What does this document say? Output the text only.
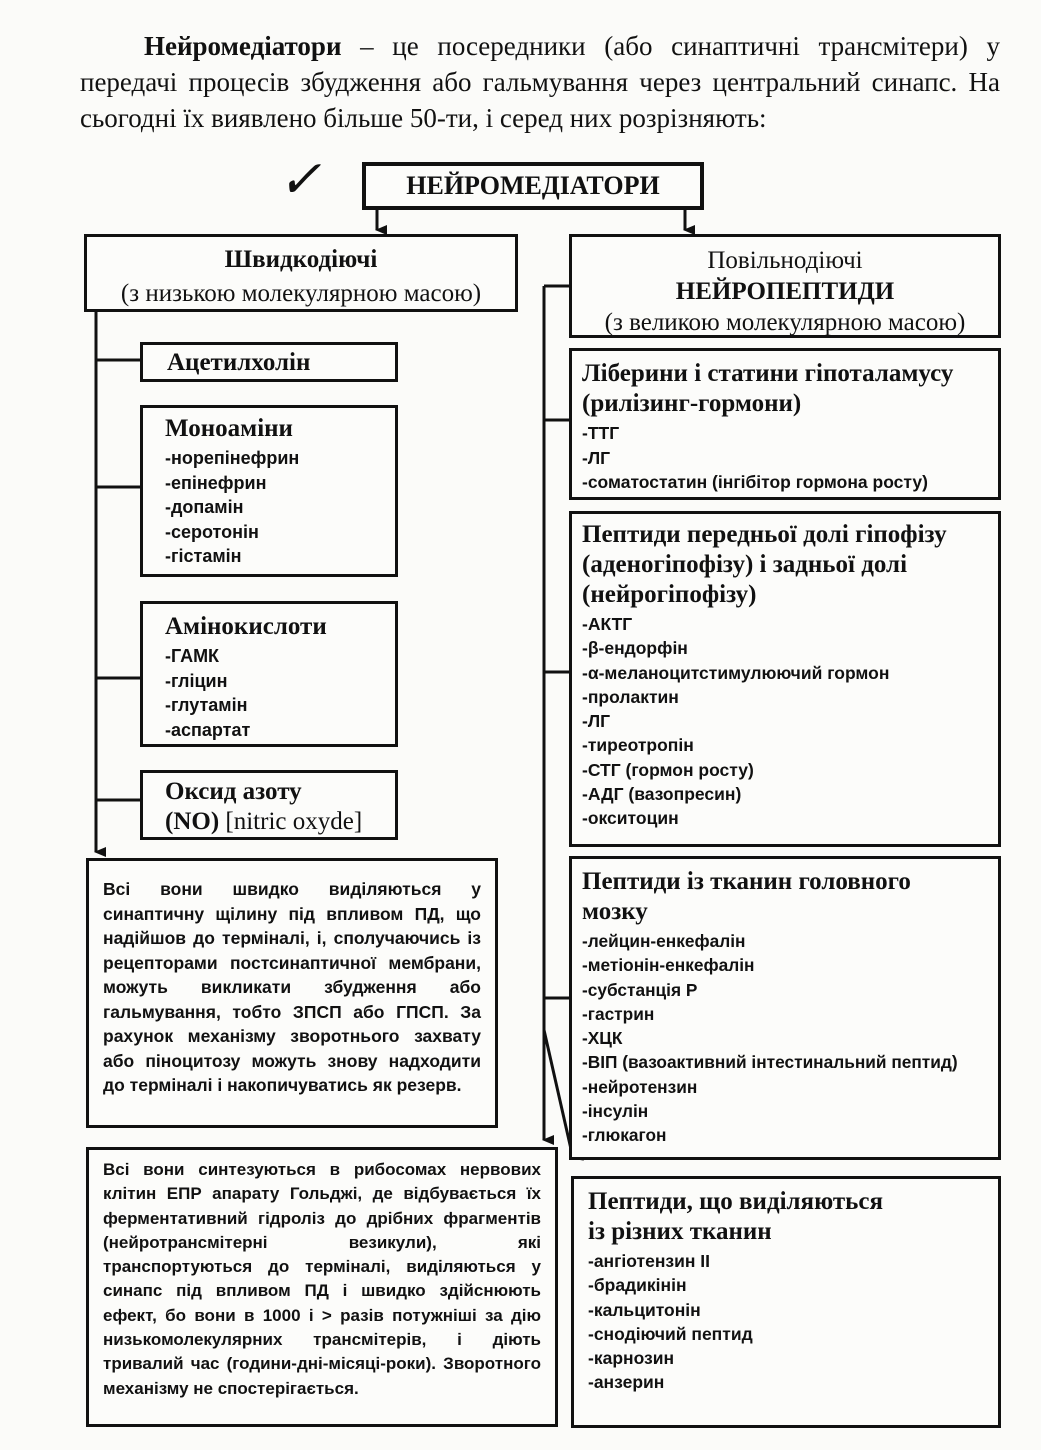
Нейромедіатори – це посередники (або синаптичні трансмітери) у передачі процесів збудження або гальмування через центральний синапс. На сьогодні їх виявлено більше 50-ти, і серед них розрізняють:

✓	НЕЙРОМЕДІАТОРИ
Швидкодіючі
(з низькою молекулярною масою)
Повільнодіючі
НЕЙРОПЕПТИДИ
(з великою молекулярною масою)
Ацетилхолін
Моноаміни
-норепінефрин
-епінефрин
-допамін
-серотонін
-гістамін
Амінокислоти
-ГАМК
-гліцин
-глутамін
-аспартат
Оксид азоту
(NO) [nitric oxyde]
Всі вони швидко виділяються у синаптичну щілину під впливом ПД, що надійшов до терміналі, і, сполучаючись із рецепторами постсинаптичної мембрани, можуть викликати збудження або гальмування, тобто ЗПСП або ГПСП. За рахунок механізму зворотнього захвату або піноцитозу можуть знову надходити до терміналі і накопичуватись як резерв.
Всі вони синтезуються в рибосомах нервових клітин ЕПР апарату Гольджі, де відбувається їх ферментативний гідроліз до дрібних фрагментів (нейротрансмітерні везикули), які транспортуються до терміналі, виділяються у синапс під впливом ПД і швидко здійснюють ефект, бо вони в 1000 і > разів потужніші за дію низькомолекулярних трансмітерів, і діють тривалий час (години-дні-місяці-роки). Зворотного механізму не спостерігається.
Ліберини і статини гіпоталамусу
(рилізинг-гормони)
-ТТГ
-ЛГ
-соматостатин (інгібітор гормона росту)
Пептиди передньої долі гіпофізу
(аденогіпофізу) і задньої долі
(нейрогіпофізу)
-АКТГ
-β-ендорфін
-α-меланоцитстимулюючий гормон
-пролактин
-ЛГ
-тиреотропін
-СТГ (гормон росту)
-АДГ (вазопресин)
-окситоцин
Пептиди із тканин головного
мозку
-лейцин-енкефалін
-метіонін-енкефалін
-субстанція Р
-гастрин
-ХЦК
-ВІП (вазоактивний інтестинальний пептид)
-нейротензин
-інсулін
-глюкагон
Пептиди, що виділяються
із різних тканин
-ангіотензин II
-брадикінін
-кальцитонін
-снодіючий пептид
-карнозин
-анзерин
